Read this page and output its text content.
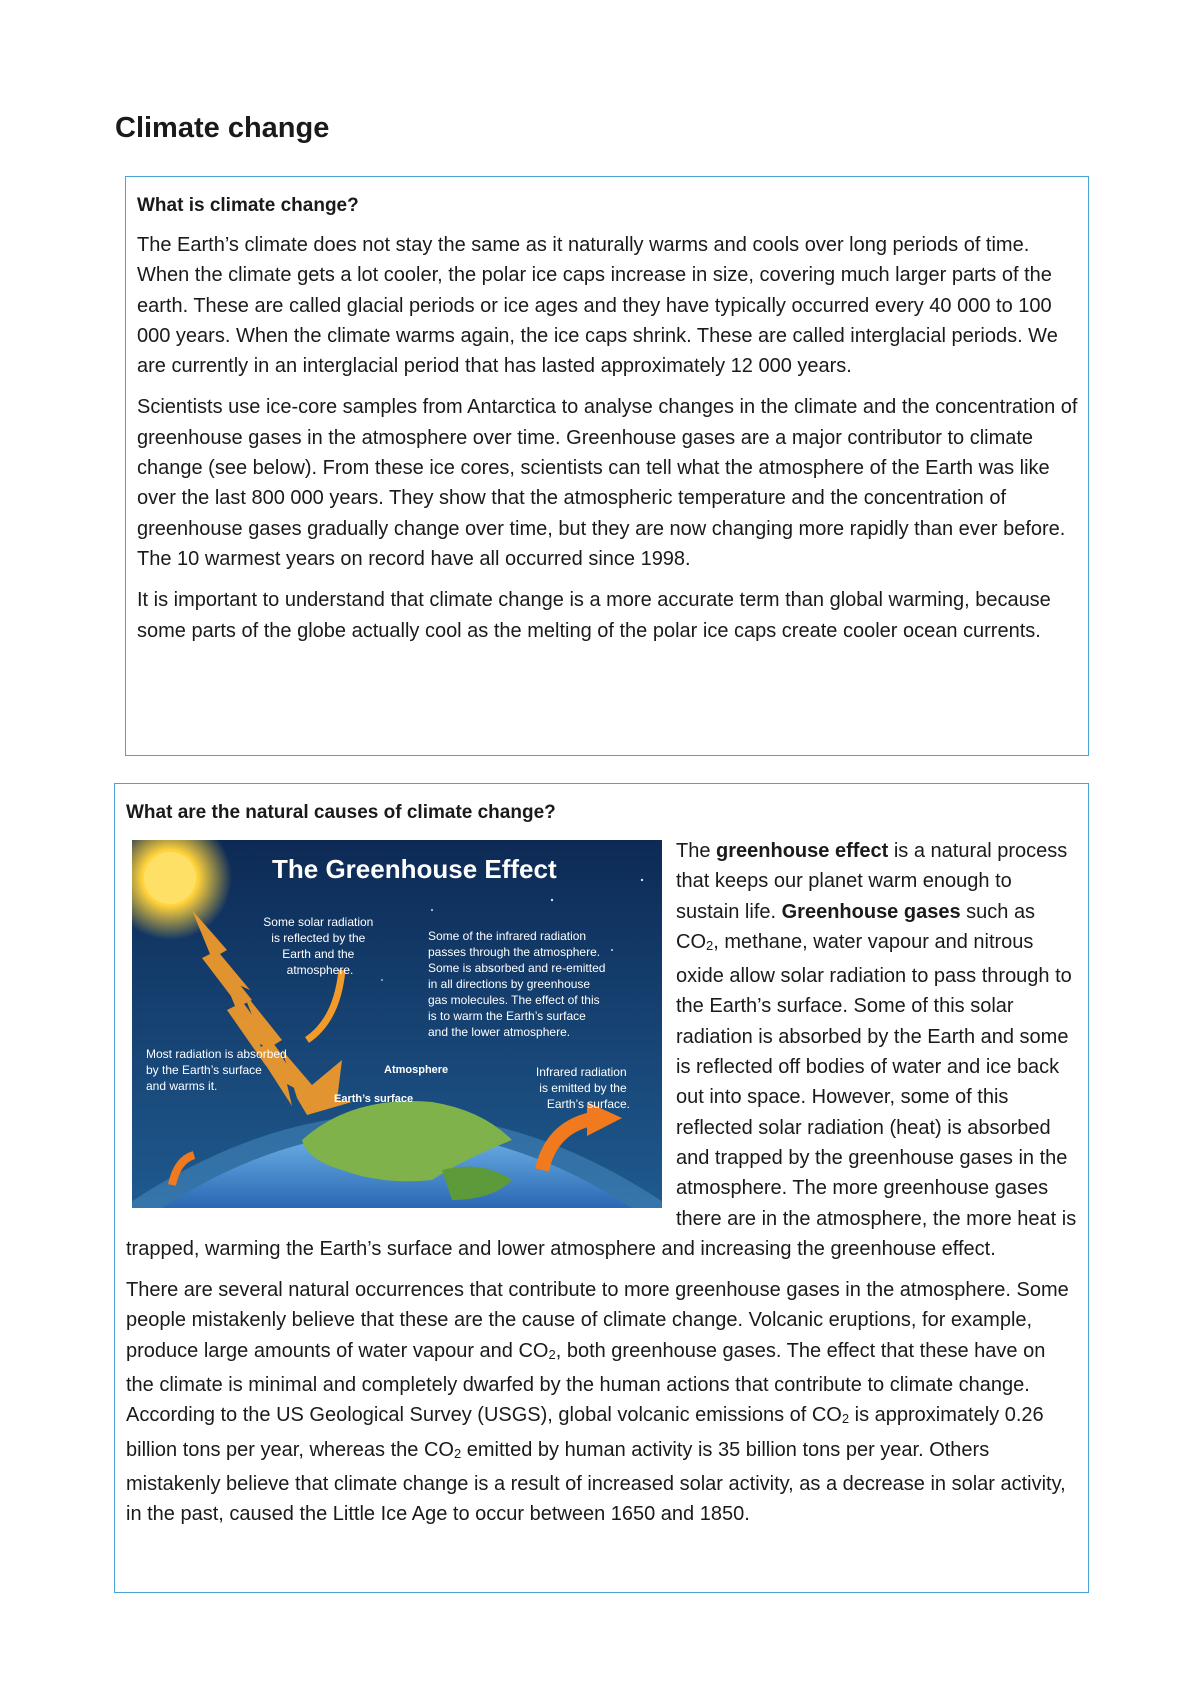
Climate change
What is climate change?

The Earth’s climate does not stay the same as it naturally warms and cools over long periods of time. When the climate gets a lot cooler, the polar ice caps increase in size, covering much larger parts of the earth. These are called glacial periods or ice ages and they have typically occurred every 40 000 to 100 000 years. When the climate warms again, the ice caps shrink. These are called interglacial periods. We are currently in an interglacial period that has lasted approximately 12 000 years.

Scientists use ice-core samples from Antarctica to analyse changes in the climate and the concentration of greenhouse gases in the atmosphere over time. Greenhouse gases are a major contributor to climate change (see below). From these ice cores, scientists can tell what the atmosphere of the Earth was like over the last 800 000 years. They show that the atmospheric temperature and the concentration of greenhouse gases gradually change over time, but they are now changing more rapidly than ever before. The 10 warmest years on record have all occurred since 1998.

It is important to understand that climate change is a more accurate term than global warming, because some parts of the globe actually cool as the melting of the polar ice caps create cooler ocean currents.

What are the natural causes of climate change?
The Greenhouse Effect
Some solar radiation is reflected by the Earth and the atmosphere.
Some of the infrared radiation passes through the atmosphere. Some is absorbed and re-emitted in all directions by greenhouse gas molecules. The effect of this is to warm the Earth’s surface and the lower atmosphere.
Most radiation is absorbed by the Earth’s surface and warms it.
Atmosphere
Earth’s surface
Infrared radiation is emitted by the Earth’s surface.

The greenhouse effect is a natural process that keeps our planet warm enough to sustain life. Greenhouse gases such as $CO_2$, methane, water vapour and nitrous oxide allow solar radiation to pass through to the Earth’s surface. Some of this solar radiation is absorbed by the Earth and some is reflected off bodies of water and ice back out into space. However, some of this reflected solar radiation (heat) is absorbed and trapped by the greenhouse gases in the atmosphere. The more greenhouse gases there are in the atmosphere, the more heat is trapped, warming the Earth’s surface and lower atmosphere and increasing the greenhouse effect.

There are several natural occurrences that contribute to more greenhouse gases in the atmosphere. Some people mistakenly believe that these are the cause of climate change. Volcanic eruptions, for example, produce large amounts of water vapour and $CO_2$, both greenhouse gases. The effect that these have on the climate is minimal and completely dwarfed by the human actions that contribute to climate change. According to the US Geological Survey (USGS), global volcanic emissions of $CO_2$ is approximately 0.26 billion tons per year, whereas the $CO_2$ emitted by human activity is 35 billion tons per year. Others mistakenly believe that climate change is a result of increased solar activity, as a decrease in solar activity, in the past, caused the Little Ice Age to occur between 1650 and 1850.
